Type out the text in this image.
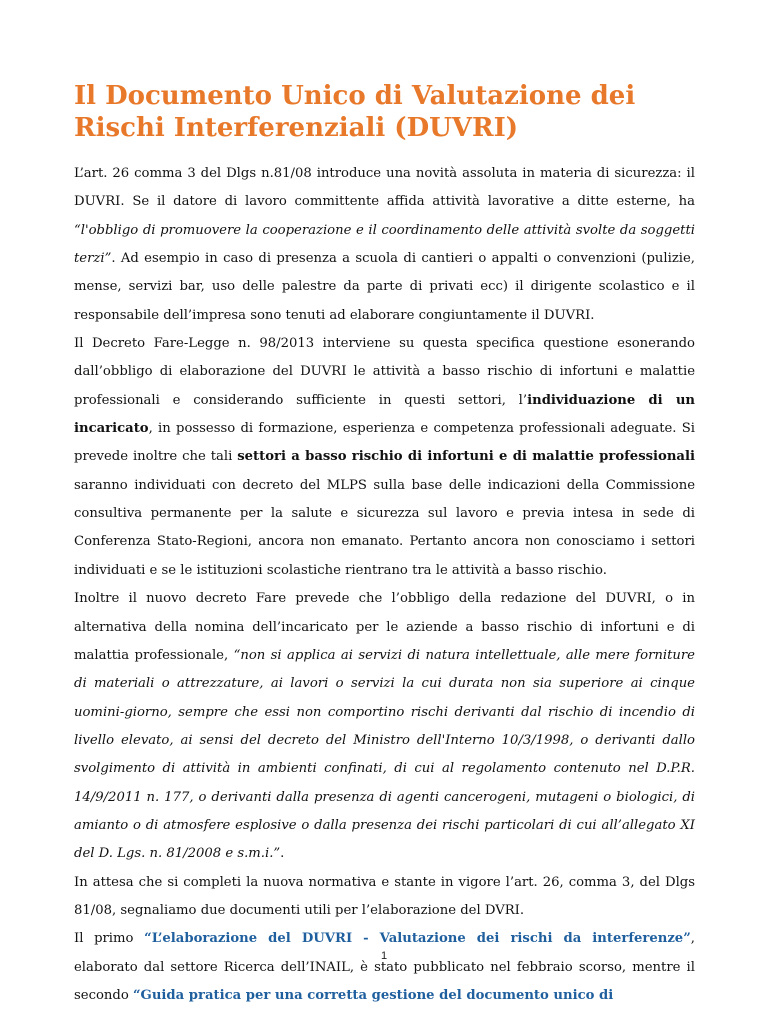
Il Documento Unico di Valutazione dei Rischi Interferenziali (DUVRI)

L’art. 26 comma 3 del Dlgs n.81/08 introduce una novità assoluta in materia di sicurezza: il DUVRI. Se il datore di lavoro committente affida attività lavorative a ditte esterne, ha “l'obbligo di promuovere la cooperazione e il coordinamento delle attività svolte da soggetti terzi”. Ad esempio in caso di presenza a scuola di cantieri o appalti o convenzioni (pulizie, mense, servizi bar, uso delle palestre da parte di privati ecc) il dirigente scolastico e il responsabile dell’impresa sono tenuti ad elaborare congiuntamente il DUVRI.

Il Decreto Fare-Legge n. 98/2013 interviene su questa specifica questione esonerando dall’obbligo di elaborazione del DUVRI le attività a basso rischio di infortuni e malattie professionali e considerando sufficiente in questi settori, l’individuazione di un incaricato, in possesso di formazione, esperienza e competenza professionali adeguate. Si prevede inoltre che tali settori a basso rischio di infortuni e di malattie professionali saranno individuati con decreto del MLPS sulla base delle indicazioni della Commissione consultiva permanente per la salute e sicurezza sul lavoro e previa intesa in sede di Conferenza Stato-Regioni, ancora non emanato. Pertanto ancora non conosciamo i settori individuati e se le istituzioni scolastiche rientrano tra le attività a basso rischio.

Inoltre il nuovo decreto Fare prevede che l’obbligo della redazione del DUVRI, o in alternativa della nomina dell’incaricato per le aziende a basso rischio di infortuni e di malattia professionale, “non si applica ai servizi di natura intellettuale, alle mere forniture di materiali o attrezzature, ai lavori o servizi la cui durata non sia superiore ai cinque uomini-giorno, sempre che essi non comportino rischi derivanti dal rischio di incendio di livello elevato, ai sensi del decreto del Ministro dell'Interno 10/3/1998, o derivanti dallo svolgimento di attività in ambienti confinati, di cui al regolamento contenuto nel D.P.R. 14/9/2011 n. 177, o derivanti dalla presenza di agenti cancerogeni, mutageni o biologici, di amianto o di atmosfere esplosive o dalla presenza dei rischi particolari di cui all’allegato XI del D. Lgs. n. 81/2008 e s.m.i.”.

In attesa che si completi la nuova normativa e stante in vigore l’art. 26, comma 3, del Dlgs 81/08, segnaliamo due documenti utili per l’elaborazione del DVRI.

Il primo “L’elaborazione del DUVRI - Valutazione dei rischi da interferenze”, elaborato dal settore Ricerca dell’INAIL, è stato pubblicato nel febbraio scorso, mentre il secondo “Guida pratica per una corretta gestione del documento unico di

1
